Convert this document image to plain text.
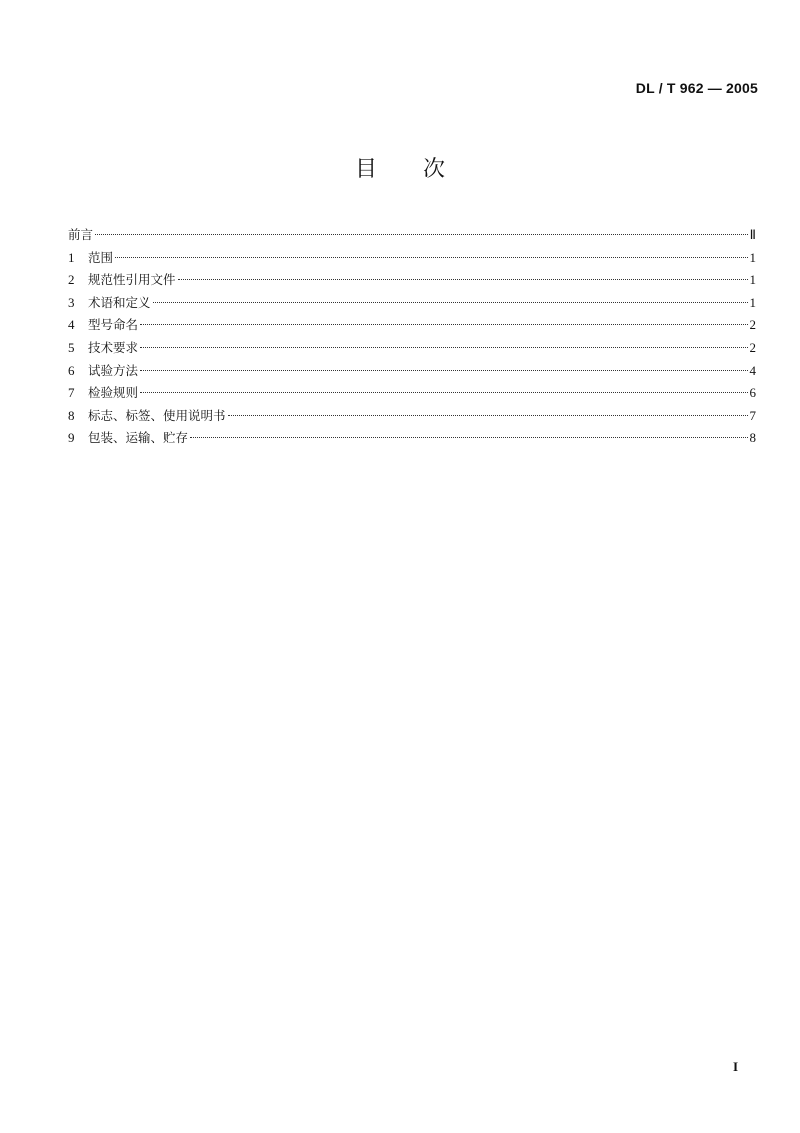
DL / T 962 — 2005
目 次
前言	Ⅱ
1	范围	1
2	规范性引用文件	1
3	术语和定义	1
4	型号命名	2
5	技术要求	2
6	试验方法	4
7	检验规则	6
8	标志、标签、使用说明书	7
9	包装、运输、贮存	8
I
